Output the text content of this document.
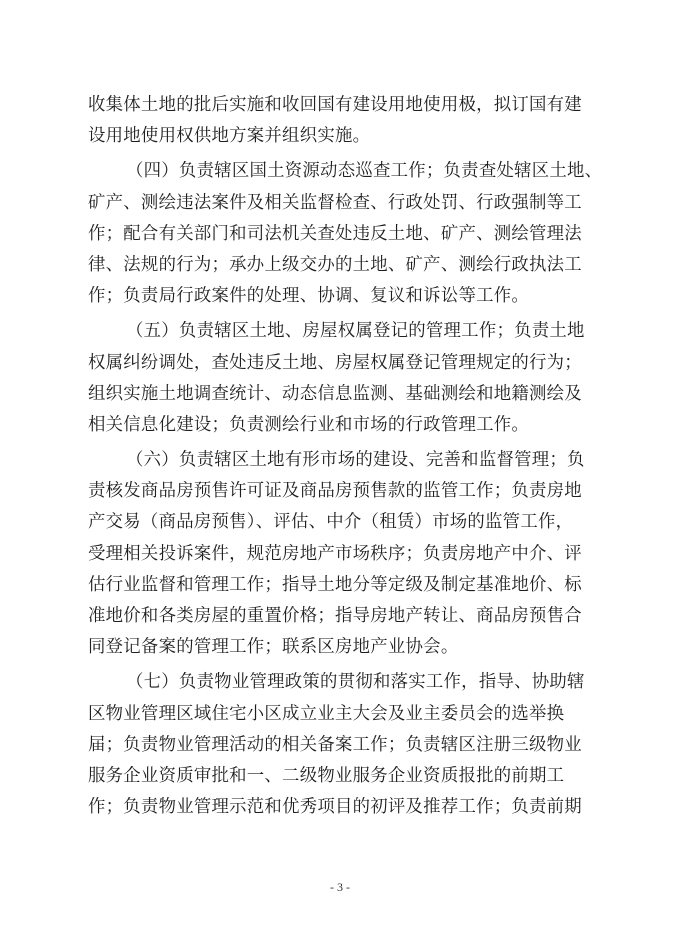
收集体土地的批后实施和收回国有建设用地使用极，拟订国有建
设用地使用权供地方案并组织实施。
（四）负责辖区国土资源动态巡查工作；负责查处辖区土地、
矿产、测绘违法案件及相关监督检查、行政处罚、行政强制等工
作；配合有关部门和司法机关查处违反土地、矿产、测绘管理法
律、法规的行为；承办上级交办的土地、矿产、测绘行政执法工
作；负责局行政案件的处理、协调、复议和诉讼等工作。
（五）负责辖区土地、房屋权属登记的管理工作；负责土地
权属纠纷调处，查处违反土地、房屋权属登记管理规定的行为；
组织实施土地调查统计、动态信息监测、基础测绘和地籍测绘及
相关信息化建设；负责测绘行业和市场的行政管理工作。
（六）负责辖区土地有形市场的建设、完善和监督管理；负
责核发商品房预售许可证及商品房预售款的监管工作；负责房地
产交易（商品房预售）、评估、中介（租赁）市场的监管工作，
受理相关投诉案件，规范房地产市场秩序；负责房地产中介、评
估行业监督和管理工作；指导土地分等定级及制定基准地价、标
准地价和各类房屋的重置价格；指导房地产转让、商品房预售合
同登记备案的管理工作；联系区房地产业协会。
（七）负责物业管理政策的贯彻和落实工作，指导、协助辖
区物业管理区域住宅小区成立业主大会及业主委员会的选举换
届；负责物业管理活动的相关备案工作；负责辖区注册三级物业
服务企业资质审批和一、二级物业服务企业资质报批的前期工
作；负责物业管理示范和优秀项目的初评及推荐工作；负责前期
- 3 -
